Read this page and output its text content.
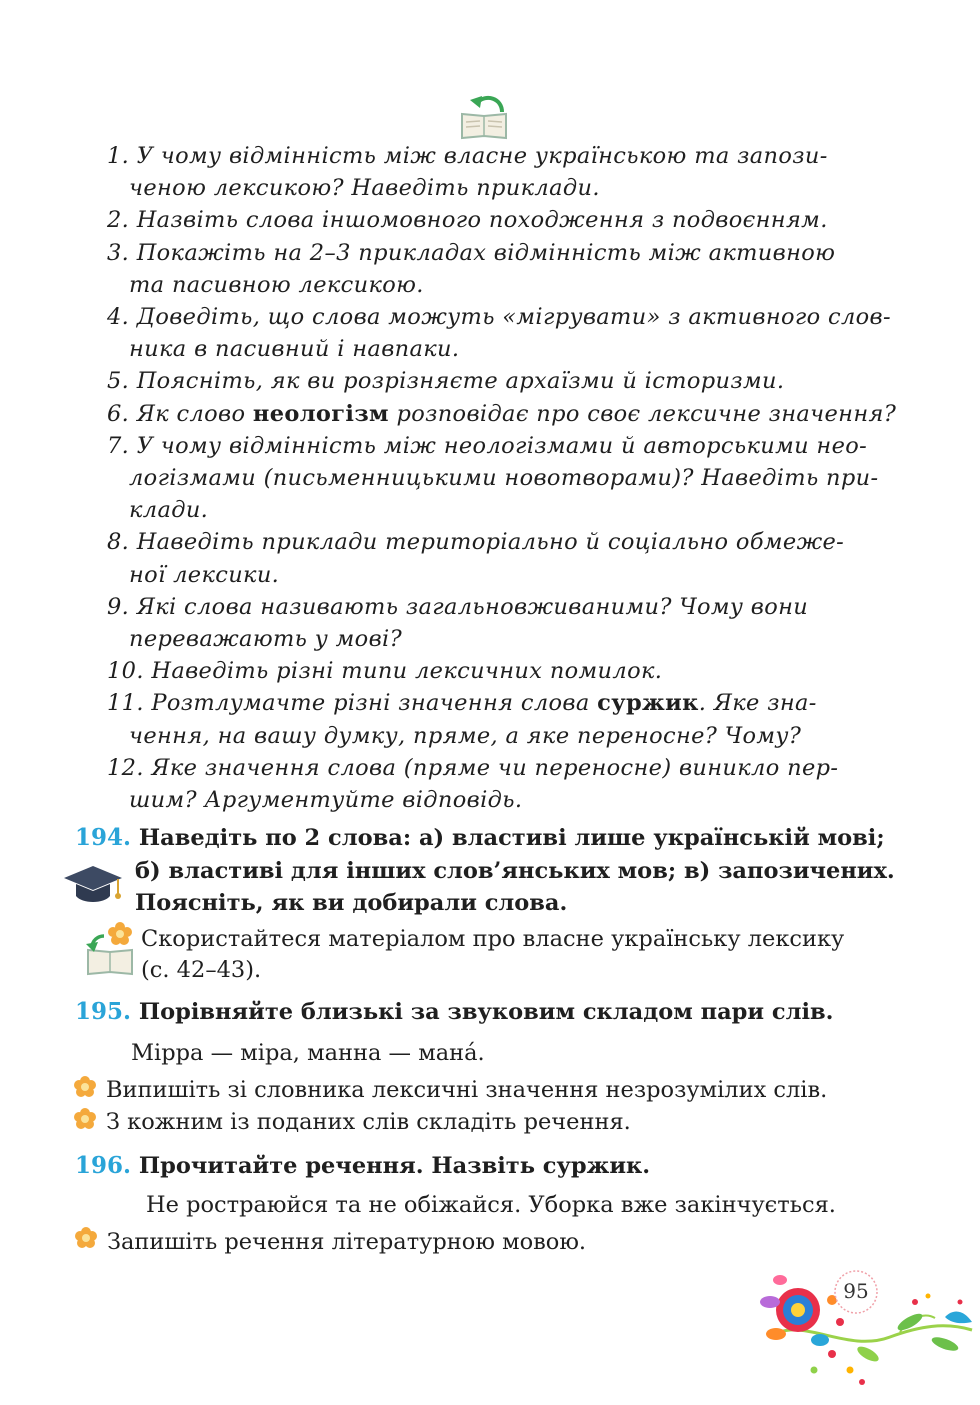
1. У чому відмінність між власне українською та запози-
ченою лексикою? Наведіть приклади.
2. Назвіть слова іншомовного походження з подвоєнням.
3. Покажіть на 2–3 прикладах відмінність між активною
та пасивною лексикою.
4. Доведіть, що слова можуть «мігрувати» з активного слов-
ника в пасивний і навпаки.
5. Поясніть, як ви розрізняєте архаїзми й історизми.
6. Як слово неологізм розповідає про своє лексичне значення?
7. У чому відмінність між неологізмами й авторськими нео-
логізмами (письменницькими новотворами)? Наведіть при-
клади.
8. Наведіть приклади територіально й соціально обмеже-
ної лексики.
9. Які слова називають загальновживаними? Чому вони
переважають у мові?
10. Наведіть різні типи лексичних помилок.
11. Розтлумачте різні значення слова суржик. Яке зна-
чення, на вашу думку, пряме, а яке переносне? Чому?
12. Яке значення слова (пряме чи переносне) виникло пер-
шим? Аргументуйте відповідь.
194. Наведіть по 2 слова: а) властиві лише українській мові;
б) властиві для інших слов’янських мов; в) запозичених.
Поясніть, як ви добирали слова.
Скористайтеся матеріалом про власне українську лексику
(с. 42–43).
195. Порівняйте близькі за звуковим складом пари слів.
Мірра — міра, манна — мана́.
Випишіть зі словника лексичні значення незрозумілих слів.
З кожним із поданих слів складіть речення.
196. Прочитайте речення. Назвіть суржик.
Не ростраюйся та не обіжайся. Уборка вже закінчується.
Запишіть речення літературною мовою.
95
